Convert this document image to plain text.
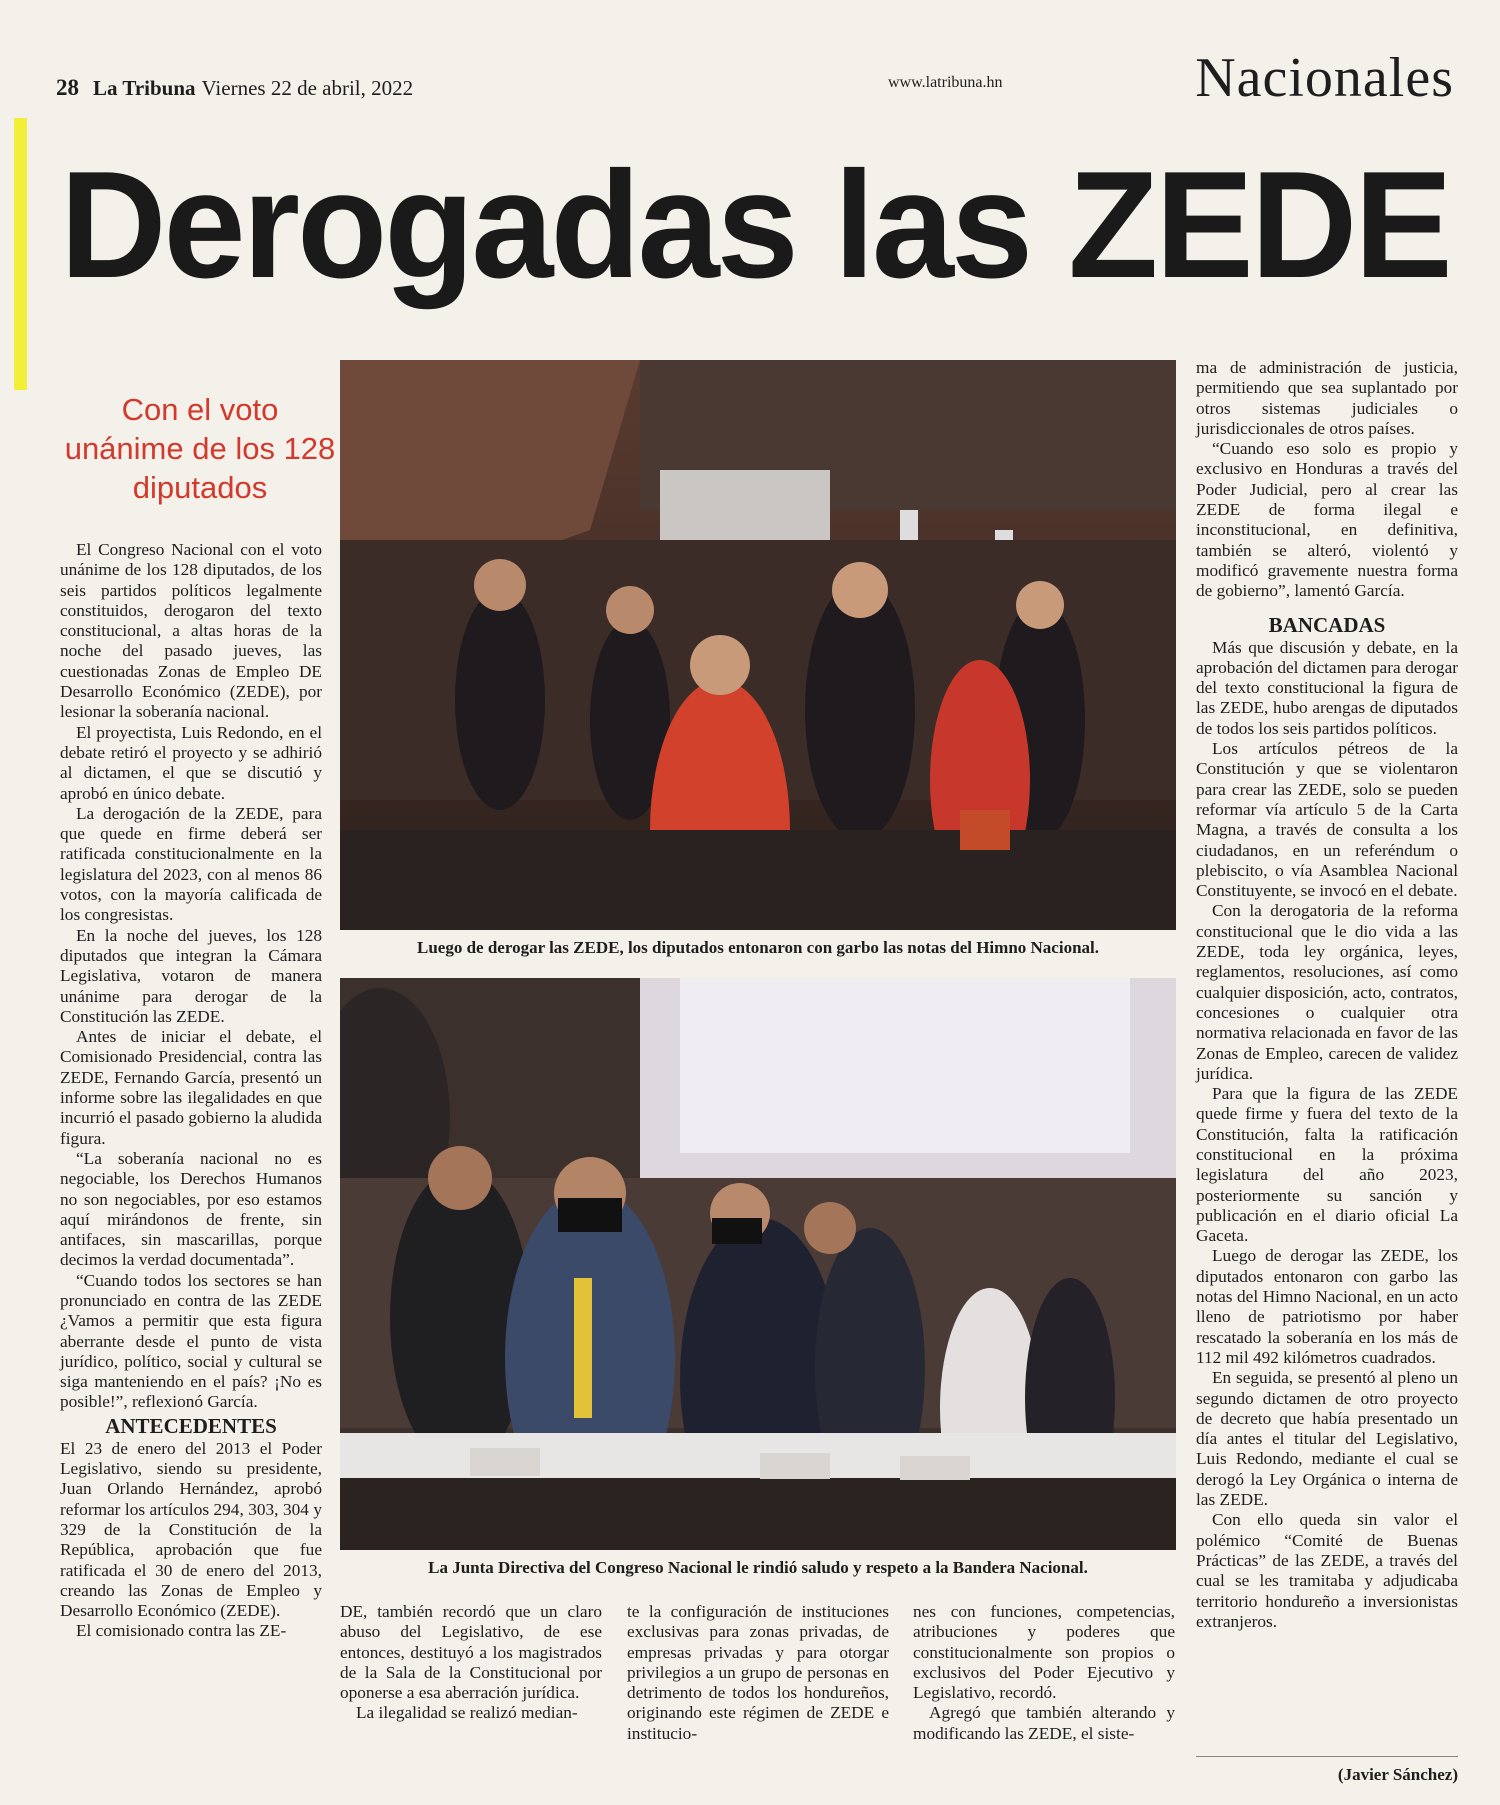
28 La Tribuna Viernes 22 de abril, 2022	www.latribuna.hn	Nacionales
Derogadas las ZEDE
Con el voto unánime de los 128 diputados

El Congreso Nacional con el voto unánime de los 128 diputados, de los seis partidos políticos legalmente constituidos, derogaron del texto constitucional, a altas horas de la noche del pasado jueves, las cuestionadas Zonas de Empleo DE Desarrollo Económico (ZEDE), por lesionar la soberanía nacional.

El proyectista, Luis Redondo, en el debate retiró el proyecto y se adhirió al dictamen, el que se discutió y aprobó en único debate.

La derogación de la ZEDE, para que quede en firme deberá ser ratificada constitucionalmente en la legislatura del 2023, con al menos 86 votos, con la mayoría calificada de los congresistas.

En la noche del jueves, los 128 diputados que integran la Cámara Legislativa, votaron de manera unánime para derogar de la Constitución las ZEDE.

Antes de iniciar el debate, el Comisionado Presidencial, contra las ZEDE, Fernando García, presentó un informe sobre las ilegalidades en que incurrió el pasado gobierno la aludida figura.

“La soberanía nacional no es negociable, los Derechos Humanos no son negociables, por eso estamos aquí mirándonos de frente, sin antifaces, sin mascarillas, porque decimos la verdad documentada”.

“Cuando todos los sectores se han pronunciado en contra de las ZEDE ¿Vamos a permitir que esta figura aberrante desde el punto de vista jurídico, político, social y cultural se siga manteniendo en el país? ¡No es posible!”, reflexionó García.

ANTECEDENTES

El 23 de enero del 2013 el Poder Legislativo, siendo su presidente, Juan Orlando Hernández, aprobó reformar los artículos 294, 303, 304 y 329 de la Constitución de la República, aprobación que fue ratificada el 30 de enero del 2013, creando las Zonas de Empleo y Desarrollo Económico (ZEDE).

El comisionado contra las ZE-

Luego de derogar las ZEDE, los diputados entonaron con garbo las notas del Himno Nacional.
La Junta Directiva del Congreso Nacional le rindió saludo y respeto a la Bandera Nacional.

DE, también recordó que un claro abuso del Legislativo, de ese entonces, destituyó a los magistrados de la Sala de la Constitucional por oponerse a esa aberración jurídica.

La ilegalidad se realizó median-

te la configuración de instituciones exclusivas para zonas privadas, de empresas privadas y para otorgar privilegios a un grupo de personas en detrimento de todos los hondureños, originando este régimen de ZEDE e institucio-

nes con funciones, competencias, atribuciones y poderes que constitucionalmente son propios o exclusivos del Poder Ejecutivo y Legislativo, recordó.

Agregó que también alterando y modificando las ZEDE, el siste-

ma de administración de justicia, permitiendo que sea suplantado por otros sistemas judiciales o jurisdiccionales de otros países.

“Cuando eso solo es propio y exclusivo en Honduras a través del Poder Judicial, pero al crear las ZEDE de forma ilegal e inconstitucional, en definitiva, también se alteró, violentó y modificó gravemente nuestra forma de gobierno”, lamentó García.

BANCADAS

Más que discusión y debate, en la aprobación del dictamen para derogar del texto constitucional la figura de las ZEDE, hubo arengas de diputados de todos los seis partidos políticos.

Los artículos pétreos de la Constitución y que se violentaron para crear las ZEDE, solo se pueden reformar vía artículo 5 de la Carta Magna, a través de consulta a los ciudadanos, en un referéndum o plebiscito, o vía Asamblea Nacional Constituyente, se invocó en el debate.

Con la derogatoria de la reforma constitucional que le dio vida a las ZEDE, toda ley orgánica, leyes, reglamentos, resoluciones, así como cualquier disposición, acto, contratos, concesiones o cualquier otra normativa relacionada en favor de las Zonas de Empleo, carecen de validez jurídica.

Para que la figura de las ZEDE quede firme y fuera del texto de la Constitución, falta la ratificación constitucional en la próxima legislatura del año 2023, posteriormente su sanción y publicación en el diario oficial La Gaceta.

Luego de derogar las ZEDE, los diputados entonaron con garbo las notas del Himno Nacional, en un acto lleno de patriotismo por haber rescatado la soberanía en los más de 112 mil 492 kilómetros cuadrados.

En seguida, se presentó al pleno un segundo dictamen de otro proyecto de decreto que había presentado un día antes el titular del Legislativo, Luis Redondo, mediante el cual se derogó la Ley Orgánica o interna de las ZEDE.

Con ello queda sin valor el polémico “Comité de Buenas Prácticas” de las ZEDE, a través del cual se les tramitaba y adjudicaba territorio hondureño a inversionistas extranjeros.

(Javier Sánchez)
